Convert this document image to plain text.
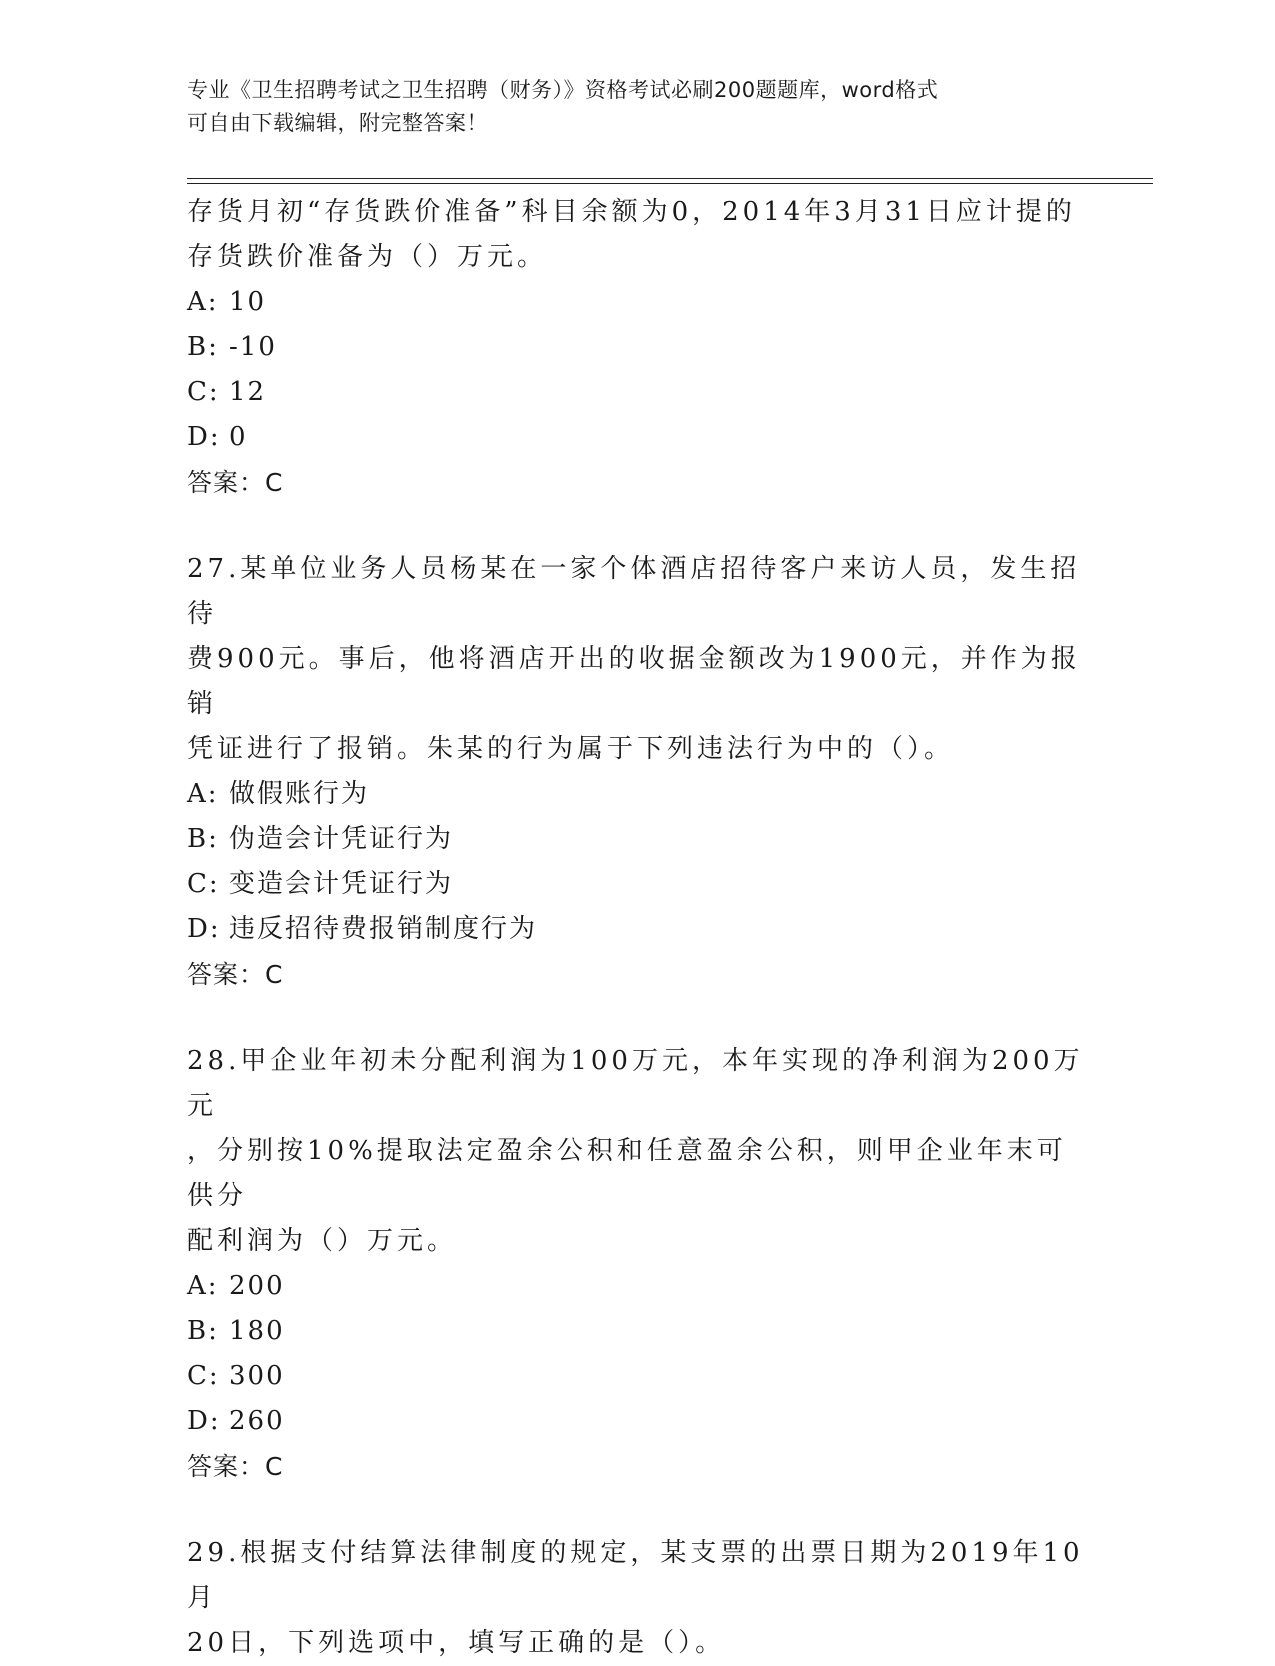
专业《卫生招聘考试之卫生招聘（财务）》资格考试必刷200题题库，word格式
可自由下载编辑，附完整答案！

存货月初“存货跌价准备”科目余额为0，2014年3月31日应计提的

存货跌价准备为（）万元。

A: 10

B: -10

C: 12

D: 0

答案：C

27.某单位业务人员杨某在一家个体酒店招待客户来访人员，发生招待

费900元。事后，他将酒店开出的收据金额改为1900元，并作为报销

凭证进行了报销。朱某的行为属于下列违法行为中的（）。

A: 做假账行为

B: 伪造会计凭证行为

C: 变造会计凭证行为

D: 违反招待费报销制度行为

答案：C

28.甲企业年初未分配利润为100万元，本年实现的净利润为200万元

，分别按10%提取法定盈余公积和任意盈余公积，则甲企业年末可供分

配利润为（）万元。

A: 200

B: 180

C: 300

D: 260

答案：C

29.根据支付结算法律制度的规定，某支票的出票日期为2019年10月

20日，下列选项中，填写正确的是（）。
